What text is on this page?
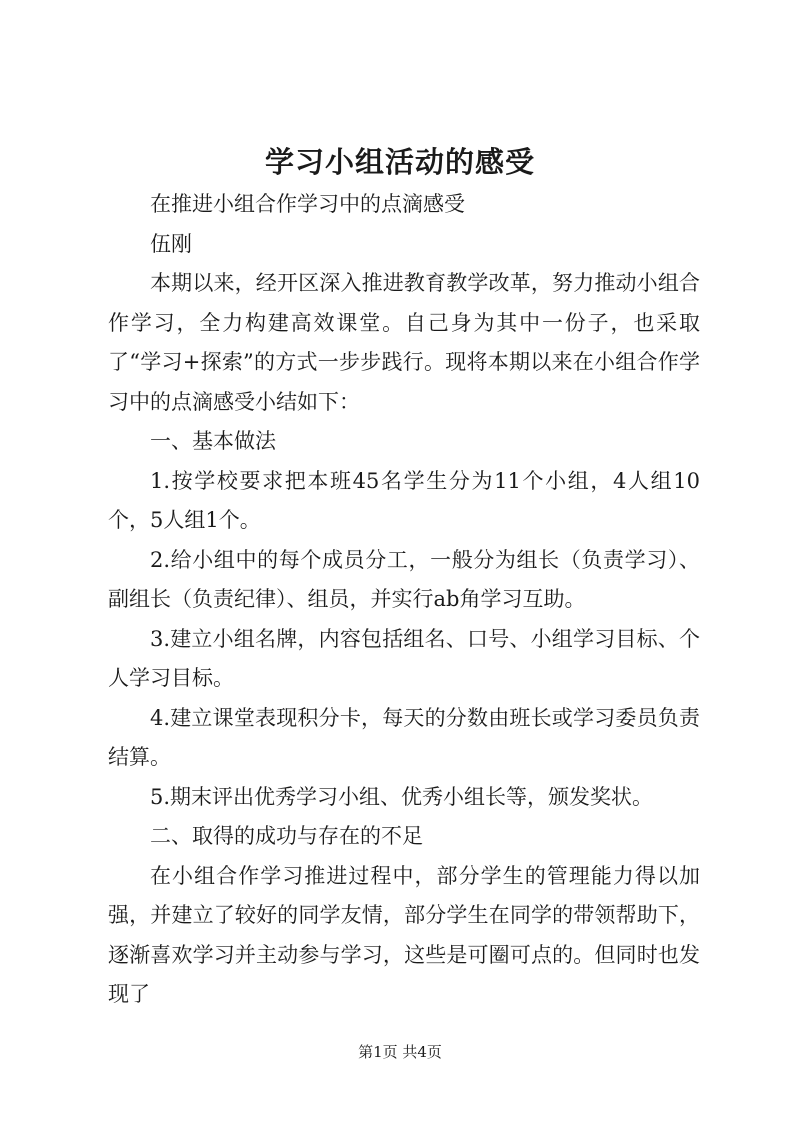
学习小组活动的感受

在推进小组合作学习中的点滴感受

伍刚

本期以来，经开区深入推进教育教学改革，努力推动小组合作学习，全力构建高效课堂。自己身为其中一份子，也采取了“学习+探索”的方式一步步践行。现将本期以来在小组合作学习中的点滴感受小结如下：

一、基本做法

1.按学校要求把本班45名学生分为11个小组，4人组10个，5人组1个。

2.给小组中的每个成员分工，一般分为组长（负责学习）、副组长（负责纪律）、组员，并实行ab角学习互助。

3.建立小组名牌，内容包括组名、口号、小组学习目标、个人学习目标。

4.建立课堂表现积分卡，每天的分数由班长或学习委员负责结算。

5.期末评出优秀学习小组、优秀小组长等，颁发奖状。

二、取得的成功与存在的不足

在小组合作学习推进过程中，部分学生的管理能力得以加强，并建立了较好的同学友情，部分学生在同学的带领帮助下，逐渐喜欢学习并主动参与学习，这些是可圈可点的。但同时也发现了

第1页 共4页
